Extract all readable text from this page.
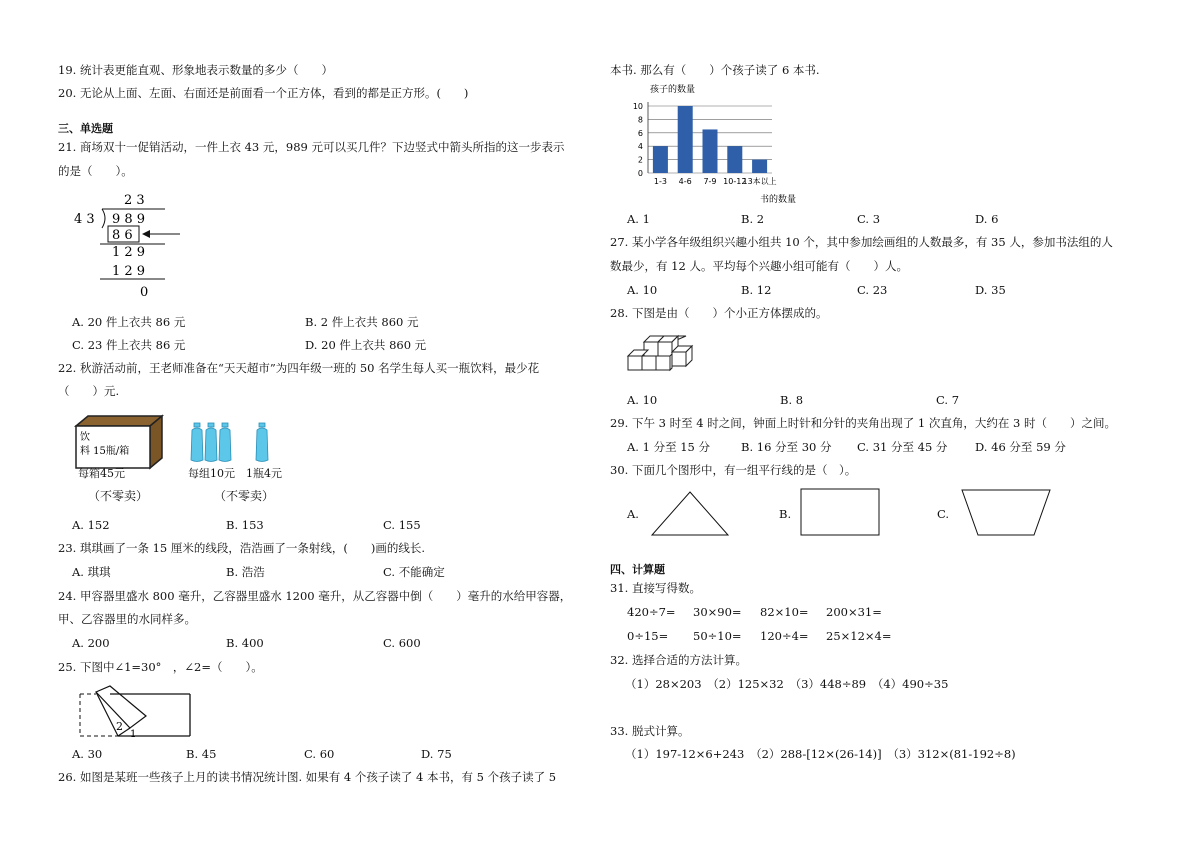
19. 统计表更能直观、形象地表示数量的多少（　　）
20. 无论从上面、左面、右面还是前面看一个正方体，看到的都是正方形。(　　)
三、单选题
21. 商场双十一促销活动，一件上衣 43 元，989 元可以买几件？下边竖式中箭头所指的这一步表示
的是（　　）。
2 3
4 3 9 8 9
8 6
1 2 9
1 2 9
0
A. 20 件上衣共 86 元	B. 2 件上衣共 860 元
C. 23 件上衣共 86 元	D. 20 件上衣共 860 元
22. 秋游活动前，王老师准备在“天天超市”为四年级一班的 50 名学生每人买一瓶饮料，最少花
（　　）元.
饮
料 15瓶/箱
每箱45元
（不零卖）
每组10元 1瓶4元
（不零卖）
A. 152	B. 153	C. 155
23. 琪琪画了一条 15 厘米的线段，浩浩画了一条射线，(　　)画的线长.
A. 琪琪	B. 浩浩	C. 不能确定
24. 甲容器里盛水 800 毫升，乙容器里盛水 1200 毫升，从乙容器中倒（　　）毫升的水给甲容器，
甲、乙容器里的水同样多。
A. 200	B. 400	C. 600
25. 下图中∠1=30°　，∠2=（　　）。
2
1
A. 30	B. 45	C. 60	D. 75
26. 如图是某班一些孩子上月的读书情况统计图. 如果有 4 个孩子读了 4 本书，有 5 个孩子读了 5
本书. 那么有（　　）个孩子读了 6 本书.
孩子的数量
书的数量
0
2
4
6
8
10
1-3 4-6 7-9 10-12
13本以上
A. 1	B. 2	C. 3	D. 6
27. 某小学各年级组织兴趣小组共 10 个，其中参加绘画组的人数最多，有 35 人，参加书法组的人
数最少，有 12 人。平均每个兴趣小组可能有（　　）人。
A. 10	B. 12	C. 23	D. 35
28. 下图是由（　　）个小正方体摆成的。
A. 10	B. 8	C. 7
29. 下午 3 时至 4 时之间，钟面上时针和分针的夹角出现了 1 次直角，大约在 3 时（　　）之间。
A. 1 分至 15 分	B. 16 分至 30 分 C. 31 分至 45 分 D. 46 分至 59 分
30. 下面几个图形中，有一组平行线的是（　）。
A.	B.	C.
四、计算题
31. 直接写得数。
420÷7= 30×90= 82×10= 200×31=
0÷15= 50÷10= 120÷4= 25×12×4=
32. 选择合适的方法计算。
（1）28×203　（2）125×32　（3）448÷89　（4）490÷35
33. 脱式计算。
（1）197-12×6+243　（2）288-[12×(26-14)]　（3）312×(81-192÷8)
